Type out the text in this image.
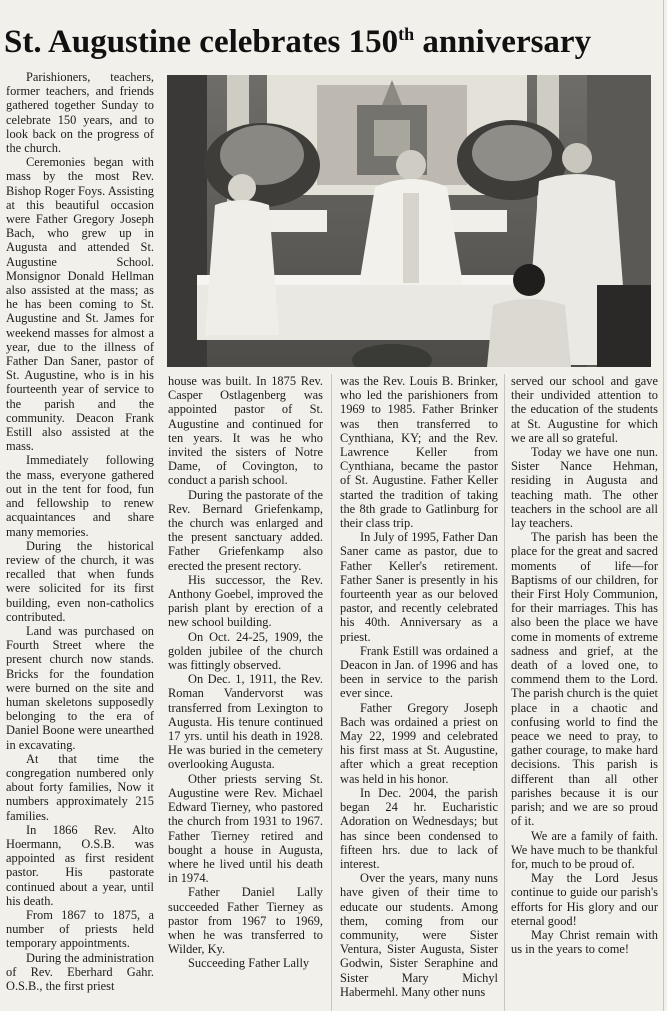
St. Augustine celebrates 150th anniversary

Parishioners, teachers, former teachers, and friends gathered together Sunday to celebrate 150 years, and to look back on the progress of the church.

Ceremonies began with mass by the most Rev. Bishop Roger Foys. Assisting at this beautiful occasion were Father Gregory Joseph Bach, who grew up in Augusta and attended St. Augustine School. Monsignor Donald Hellman also assisted at the mass; as he has been coming to St. Augustine and St. James for weekend masses for almost a year, due to the illness of Father Dan Saner, pastor of St. Augustine, who is in his fourteenth year of service to the parish and the community. Deacon Frank Estill also assisted at the mass.

Immediately following the mass, everyone gathered out in the tent for food, fun and fellowship to renew acquaintances and share many memories.

During the historical review of the church, it was recalled that when funds were solicited for its first building, even non-catholics contributed.

Land was purchased on Fourth Street where the present church now stands. Bricks for the foundation were burned on the site and human skeletons supposedly belonging to the era of Daniel Boone were unearthed in excavating.

At that time the congregation numbered only about forty families, Now it numbers approximately 215 families.

In 1866 Rev. Alto Hoermann, O.S.B. was appointed as first resident pastor. His pastorate continued about a year, until his death.

From 1867 to 1875, a number of priests held temporary appointments.

During the administration of Rev. Eberhard Gahr. O.S.B., the first priest

house was built. In 1875 Rev. Casper Ostlagenberg was appointed pastor of St. Augustine and continued for ten years. It was he who invited the sisters of Notre Dame, of Covington, to conduct a parish school.

During the pastorate of the Rev. Bernard Griefenkamp, the church was enlarged and the present sanctuary added. Father Griefenkamp also erected the present rectory.

His successor, the Rev. Anthony Goebel, improved the parish plant by erection of a new school building.

On Oct. 24-25, 1909, the golden jubilee of the church was fittingly observed.

On Dec. 1, 1911, the Rev. Roman Vandervorst was transferred from Lexington to Augusta. His tenure continued 17 yrs. until his death in 1928. He was buried in the cemetery overlooking Augusta.

Other priests serving St. Augustine were Rev. Michael Edward Tierney, who pastored the church from 1931 to 1967. Father Tierney retired and bought a house in Augusta, where he lived until his death in 1974.

Father Daniel Lally succeeded Father Tierney as pastor from 1967 to 1969, when he was transferred to Wilder, Ky.

Succeeding Father Lally

was the Rev. Louis B. Brinker, who led the parishioners from 1969 to 1985. Father Brinker was then transferred to Cynthiana, KY; and the Rev. Lawrence Keller from Cynthiana, became the pastor of St. Augustine. Father Keller started the tradition of taking the 8th grade to Gatlinburg for their class trip.

In July of 1995, Father Dan Saner came as pastor, due to Father Keller's retirement. Father Saner is presently in his fourteenth year as our beloved pastor, and recently celebrated his 40th. Anniversary as a priest.

Frank Estill was ordained a Deacon in Jan. of 1996 and has been in service to the parish ever since.

Father Gregory Joseph Bach was ordained a priest on May 22, 1999 and celebrated his first mass at St. Augustine, after which a great reception was held in his honor.

In Dec. 2004, the parish began 24 hr. Eucharistic Adoration on Wednesdays; but has since been condensed to fifteen hrs. due to lack of interest.

Over the years, many nuns have given of their time to educate our students. Among them, coming from our community, were Sister Ventura, Sister Augusta, Sister Godwin, Sister Seraphine and Sister Mary Michyl Habermehl. Many other nuns

served our school and gave their undivided attention to the education of the students at St. Augustine for which we are all so grateful.

Today we have one nun. Sister Nance Hehman, residing in Augusta and teaching math. The other teachers in the school are all lay teachers.

The parish has been the place for the great and sacred moments of life—for Baptisms of our children, for their First Holy Communion, for their marriages. This has also been the place we have come in moments of extreme sadness and grief, at the death of a loved one, to commend them to the Lord. The parish church is the quiet place in a chaotic and confusing world to find the peace we need to pray, to gather courage, to make hard decisions. This parish is different than all other parishes because it is our parish; and we are so proud of it.

We are a family of faith. We have much to be thankful for, much to be proud of.

May the Lord Jesus continue to guide our parish's efforts for His glory and our eternal good!

May Christ remain with us in the years to come!
